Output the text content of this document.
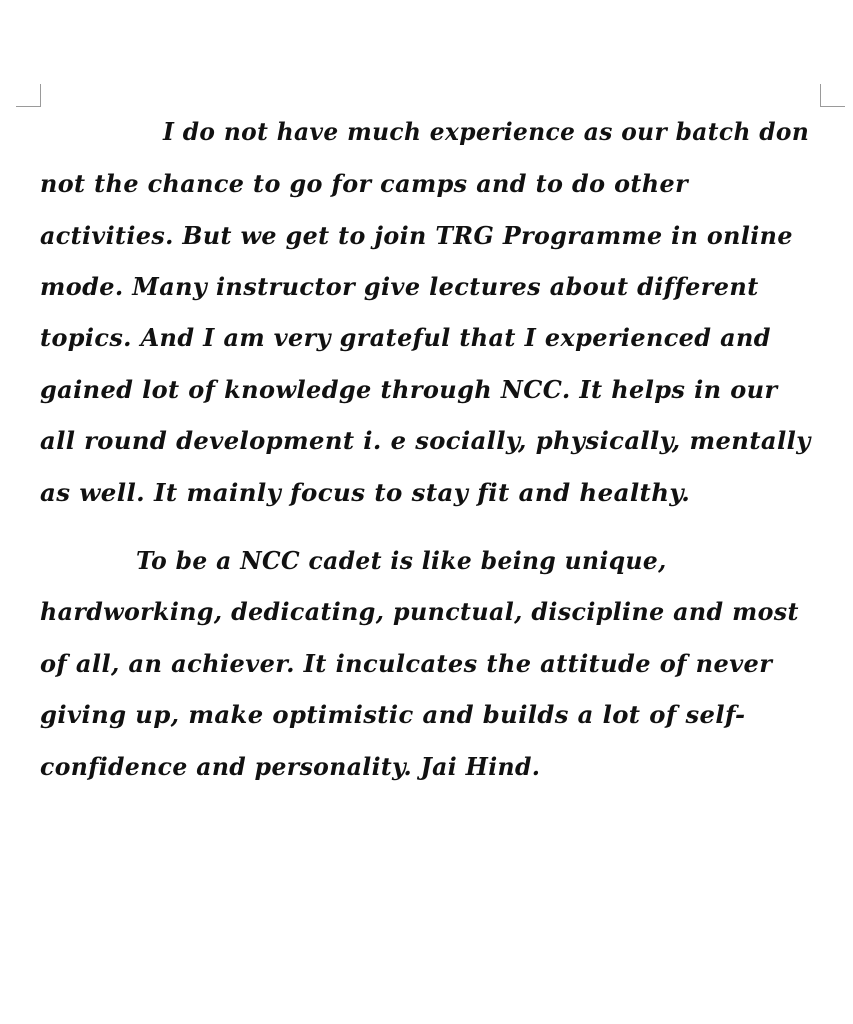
I do not have much experience as our batch don
not the chance to go for camps and to do other
activities. But we get to join TRG Programme in online
mode. Many instructor give lectures about different
topics. And I am very grateful that I experienced and
gained lot of knowledge through NCC. It helps in our
all round development i. e socially, physically, mentally
as well. It mainly focus to stay fit and healthy.
To be a NCC cadet is like being unique,
hardworking, dedicating, punctual, discipline and most
of all, an achiever. It inculcates the attitude of never
giving up, make optimistic and builds a lot of self-
confidence and personality. Jai Hind.
